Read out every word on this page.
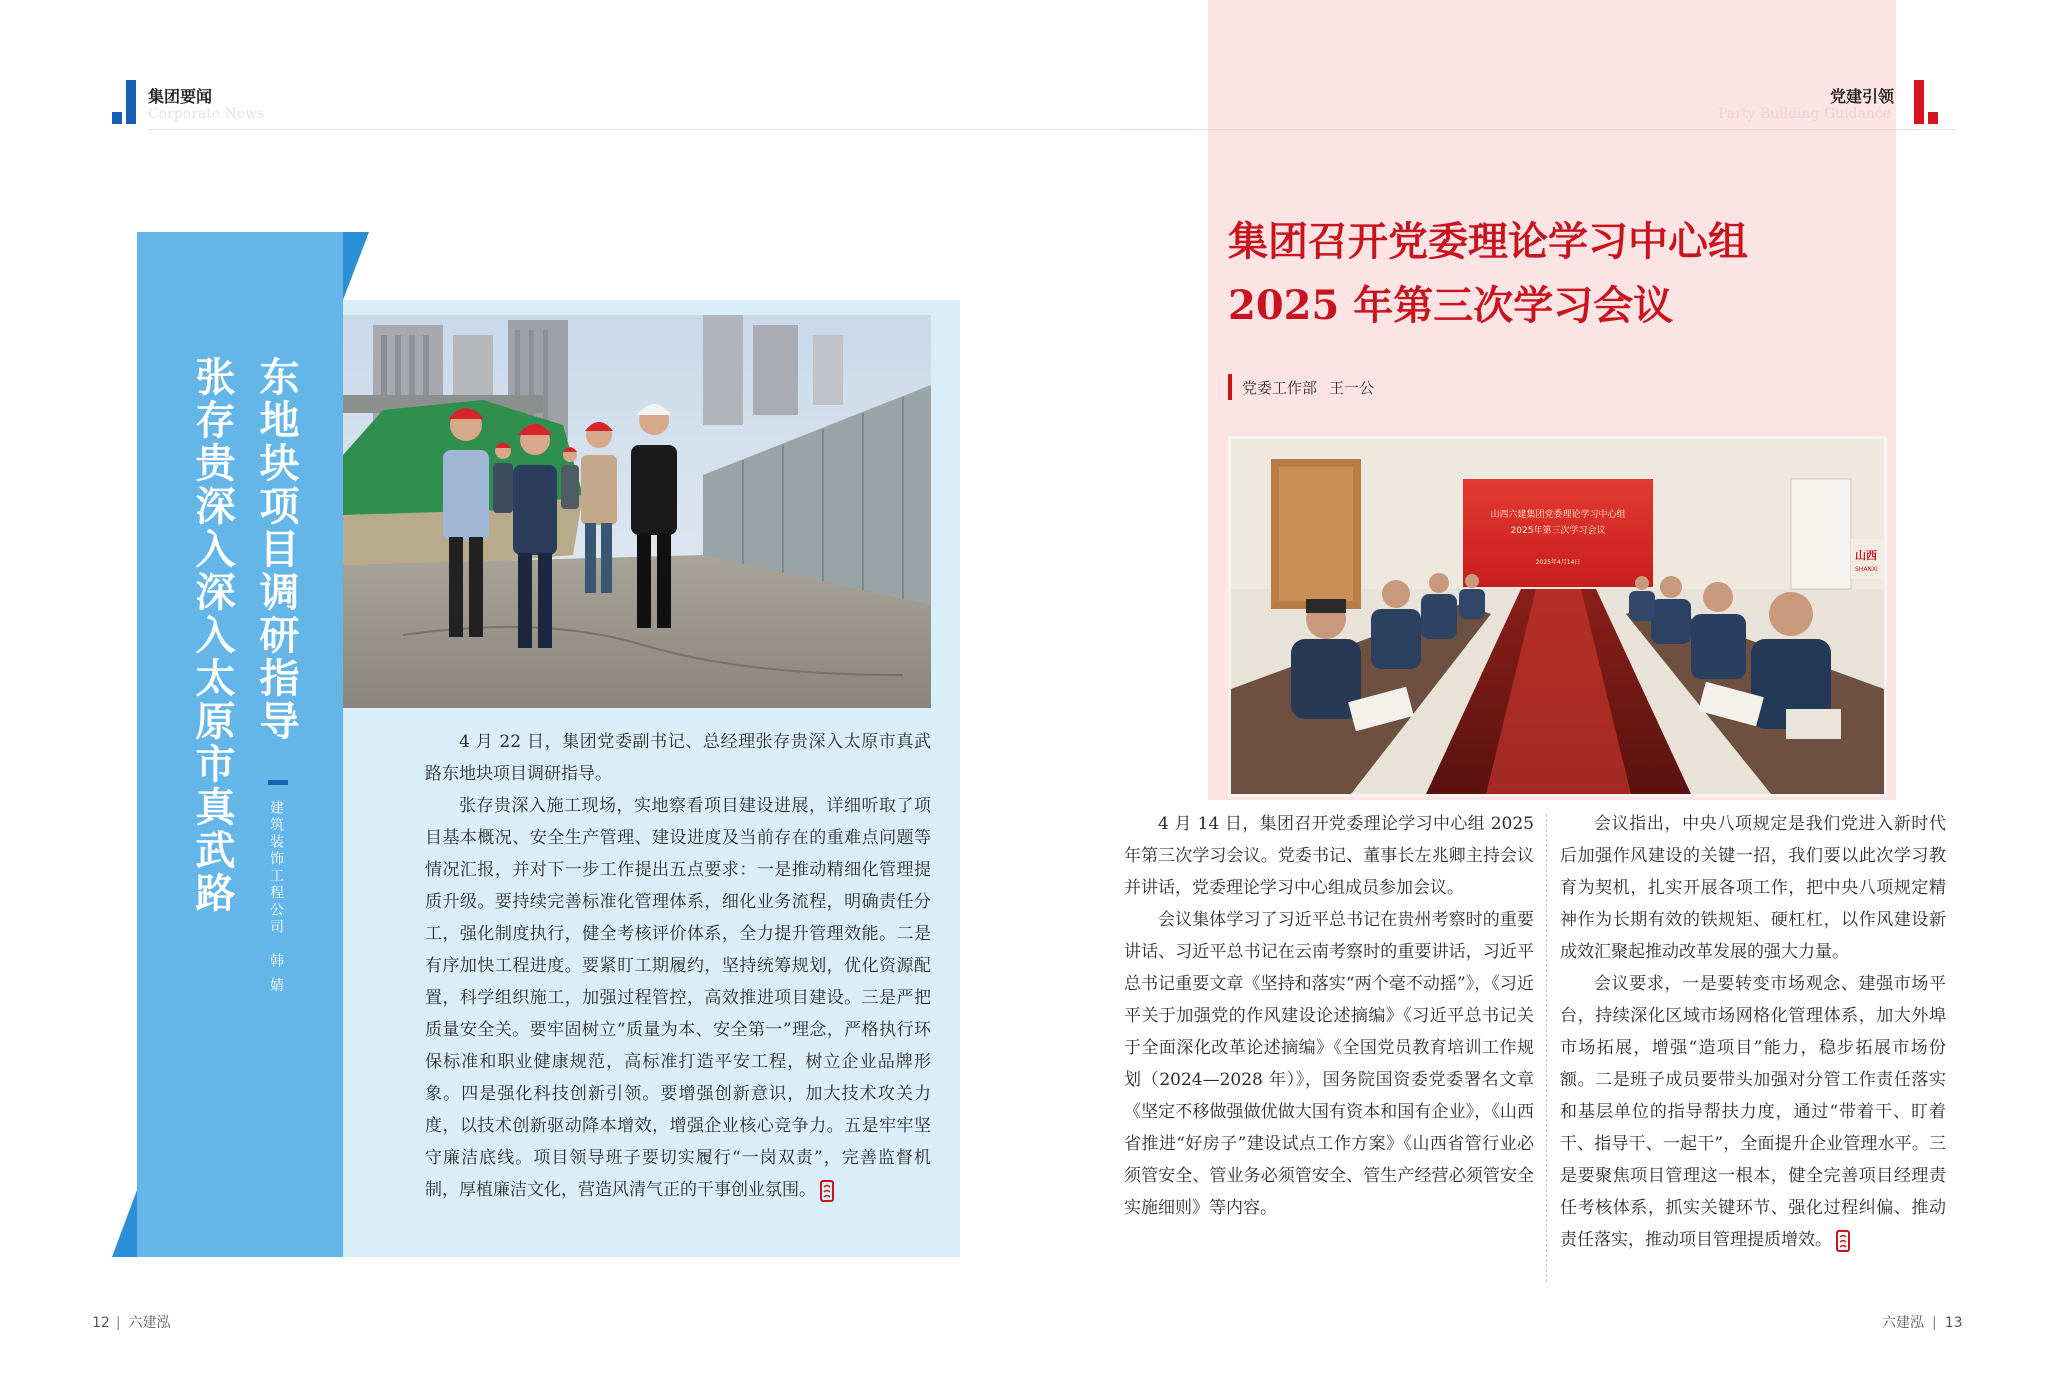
集团要闻
Corporate News
东地块项目调研指导
张存贵深入深入太原市真武路	建筑装饰工程公司　韩 婧

4 月 22 日，集团党委副书记、总经理张存贵深入太原市真武路东地块项目调研指导。

张存贵深入施工现场，实地察看项目建设进展，详细听取了项目基本概况、安全生产管理、建设进度及当前存在的重难点问题等情况汇报，并对下一步工作提出五点要求：一是推动精细化管理提质升级。要持续完善标准化管理体系，细化业务流程，明确责任分工，强化制度执行，健全考核评价体系，全力提升管理效能。二是有序加快工程进度。要紧盯工期履约，坚持统筹规划，优化资源配置，科学组织施工，加强过程管控，高效推进项目建设。三是严把质量安全关。要牢固树立“质量为本、安全第一”理念，严格执行环保标准和职业健康规范，高标准打造平安工程，树立企业品牌形象。四是强化科技创新引领。要增强创新意识，加大技术攻关力度，以技术创新驱动降本增效，增强企业核心竞争力。五是牢牢坚守廉洁底线。项目领导班子要切实履行“一岗双责”，完善监督机制，厚植廉洁文化，营造风清气正的干事创业氛围。

12 | 六建泓
党建引领
Party Building Guidance
集团召开党委理论学习中心组
2025 年第三次学习会议
党委工作部 王一公
山西
SHANXI
山西六建集团党委理论学习中心组
2025年第三次学习会议
2025年4月14日

4 月 14 日，集团召开党委理论学习中心组 2025 年第三次学习会议。党委书记、董事长左兆卿主持会议并讲话，党委理论学习中心组成员参加会议。

会议集体学习了习近平总书记在贵州考察时的重要讲话、习近平总书记在云南考察时的重要讲话，习近平总书记重要文章《坚持和落实“两个毫不动摇”》，《习近平关于加强党的作风建设论述摘编》《习近平总书记关于全面深化改革论述摘编》《全国党员教育培训工作规划（2024—2028 年）》，国务院国资委党委署名文章《坚定不移做强做优做大国有资本和国有企业》，《山西省推进“好房子”建设试点工作方案》《山西省管行业必须管安全、管业务必须管安全、管生产经营必须管安全实施细则》等内容。

会议指出，中央八项规定是我们党进入新时代后加强作风建设的关键一招，我们要以此次学习教育为契机，扎实开展各项工作，把中央八项规定精神作为长期有效的铁规矩、硬杠杠，以作风建设新成效汇聚起推动改革发展的强大力量。

会议要求，一是要转变市场观念、建强市场平台，持续深化区域市场网格化管理体系，加大外埠市场拓展，增强“造项目”能力，稳步拓展市场份额。二是班子成员要带头加强对分管工作责任落实和基层单位的指导帮扶力度，通过“带着干、盯着干、指导干、一起干”，全面提升企业管理水平。三是要聚焦项目管理这一根本，健全完善项目经理责任考核体系，抓实关键环节、强化过程纠偏、推动责任落实，推动项目管理提质增效。

六建泓 | 13
